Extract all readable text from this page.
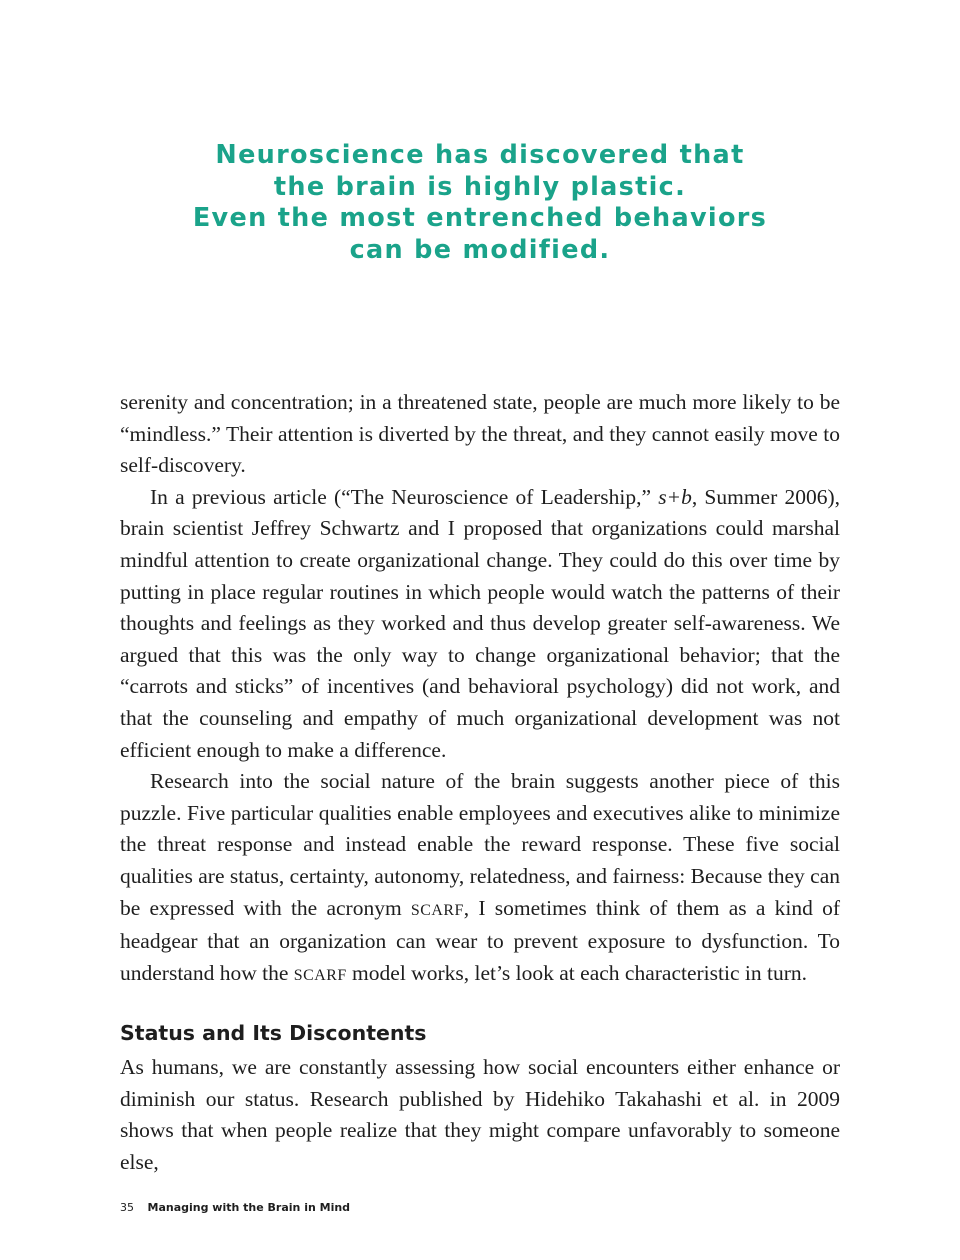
Neuroscience has discovered that
the brain is highly plastic.
Even the most entrenched behaviors
can be modified.

serenity and concentration; in a threatened state, people are much more likely to be “mindless.” Their attention is diverted by the threat, and they cannot easily move to self-discovery.

In a previous article (“The Neuroscience of Leadership,” s+b, Summer 2006), brain scientist Jeffrey Schwartz and I proposed that organizations could marshal mindful attention to create organizational change. They could do this over time by putting in place regular routines in which people would watch the patterns of their thoughts and feelings as they worked and thus develop greater self-awareness. We argued that this was the only way to change organizational behavior; that the “carrots and sticks” of incentives (and behavioral psychology) did not work, and that the counseling and empathy of much organizational development was not efficient enough to make a difference.

Research into the social nature of the brain suggests another piece of this puzzle. Five particular qualities enable employees and executives alike to minimize the threat response and instead enable the reward response. These five social qualities are status, certainty, autonomy, relatedness, and fairness: Because they can be expressed with the acronym SCARF, I sometimes think of them as a kind of headgear that an organization can wear to prevent exposure to dysfunction. To understand how the SCARF model works, let’s look at each characteristic in turn.

Status and Its Discontents

As humans, we are constantly assessing how social encounters either enhance or diminish our status. Research published by Hidehiko Takahashi et al. in 2009 shows that when people realize that they might compare unfavorably to someone else,

35 Managing with the Brain in Mind
